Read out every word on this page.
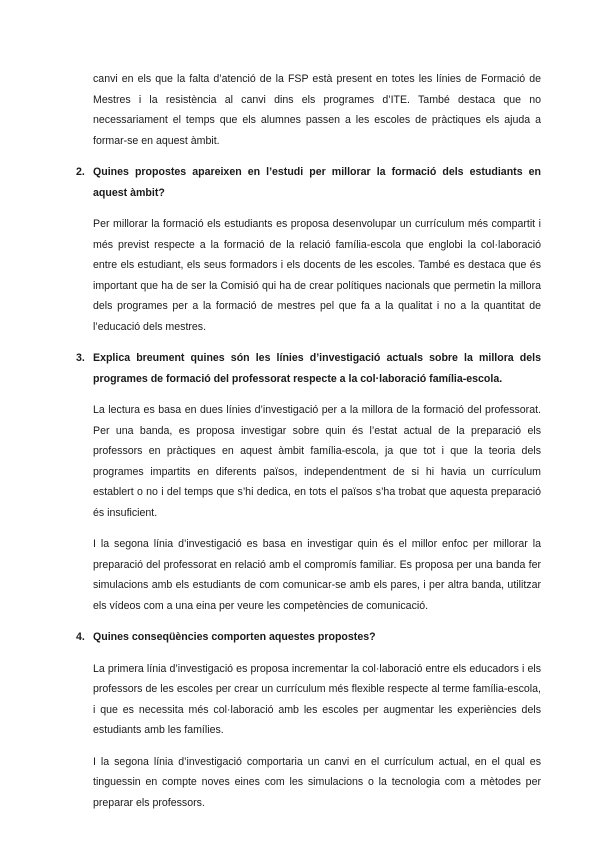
canvi en els que la falta d’atenció de la FSP està present en totes les línies de Formació de Mestres i la resistència al canvi dins els programes d’ITE. També destaca que no necessariament el temps que els alumnes passen a les escoles de pràctiques els ajuda a formar-se en aquest àmbit.

2. Quines propostes apareixen en l’estudi per millorar la formació dels estudiants en aquest àmbit?

Per millorar la formació els estudiants es proposa desenvolupar un currículum més compartit i més previst respecte a la formació de la relació família-escola que englobi la col·laboració entre els estudiant, els seus formadors i els docents de les escoles. També es destaca que és important que ha de ser la Comisió qui ha de crear polítiques nacionals que permetin la millora dels programes per a la formació de mestres pel que fa a la qualitat i no a la quantitat de l’educació dels mestres.

3. Explica breument quines són les línies d’investigació actuals sobre la millora dels programes de formació del professorat respecte a la col·laboració família-escola.

La lectura es basa en dues línies d’investigació per a la millora de la formació del professorat. Per una banda, es proposa investigar sobre quin és l’estat actual de la preparació els professors en pràctiques en aquest àmbit família-escola, ja que tot i que la teoria dels programes impartits en diferents països, independentment de si hi havia un currículum establert o no i del temps que s’hi dedica, en tots el països s’ha trobat que aquesta preparació és insuficient.

I la segona línia d’investigació es basa en investigar quin és el millor enfoc per millorar la preparació del professorat en relació amb el compromís familiar. Es proposa per una banda fer simulacions amb els estudiants de com comunicar-se amb els pares, i per altra banda, utilitzar els vídeos com a una eina per veure les competències de comunicació.

4. Quines conseqüències comporten aquestes propostes?

La primera línia d’investigació es proposa incrementar la col·laboració entre els educadors i els professors de les escoles per crear un currículum més flexible respecte al terme família-escola, i que es necessita més col·laboració amb les escoles per augmentar les experiències dels estudiants amb les famílies.

I la segona línia d’investigació comportaria un canvi en el currículum actual, en el qual es tinguessin en compte noves eines com les simulacions o la tecnologia com a mètodes per preparar els professors.
